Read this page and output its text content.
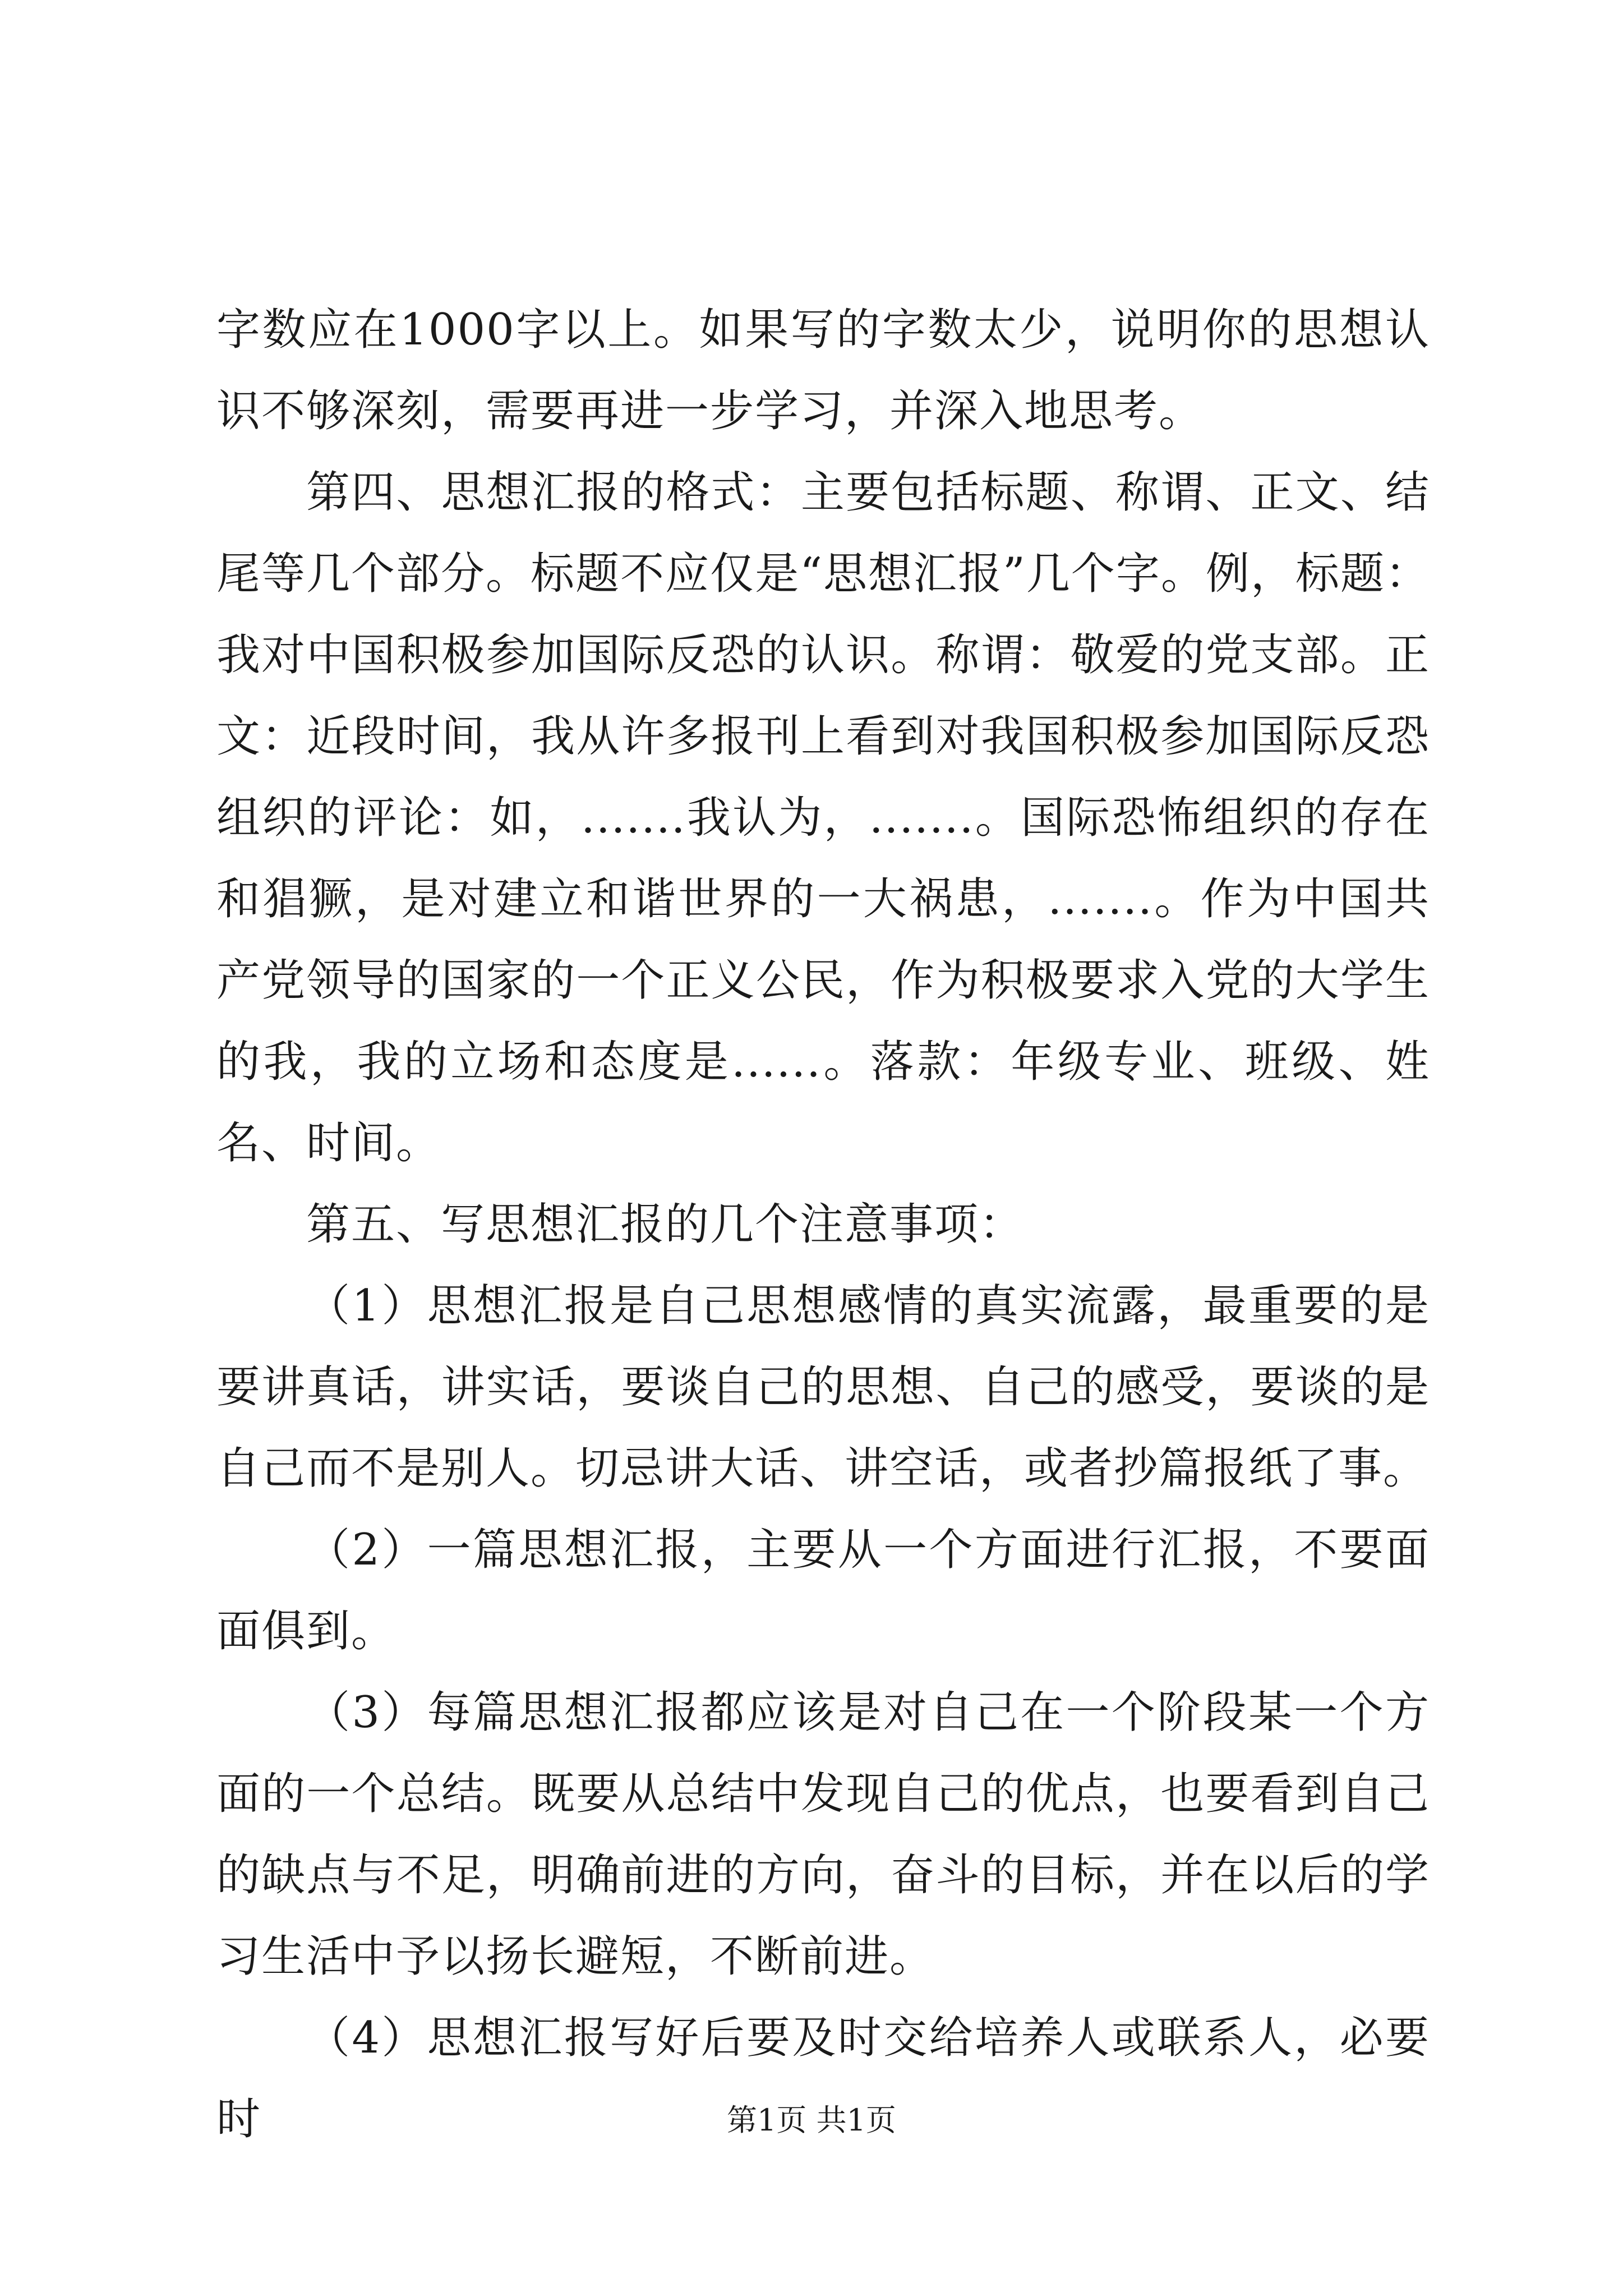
字数应在1000字以上。如果写的字数太少，说明你的思想认识不够深刻，需要再进一步学习，并深入地思考。

第四、思想汇报的格式：主要包括标题、称谓、正文、结尾等几个部分。标题不应仅是“思想汇报”几个字。例，标题：我对中国积极参加国际反恐的认识。称谓：敬爱的党支部。正文：近段时间，我从许多报刊上看到对我国积极参加国际反恐组织的评论：如，.......我认为，.......。国际恐怖组织的存在和猖獗，是对建立和谐世界的一大祸患，.......。作为中国共产党领导的国家的一个正义公民，作为积极要求入党的大学生的我，我的立场和态度是......。落款：年级专业、班级、姓名、时间。

第五、写思想汇报的几个注意事项：

（1）思想汇报是自己思想感情的真实流露，最重要的是要讲真话，讲实话，要谈自己的思想、自己的感受，要谈的是自己而不是别人。切忌讲大话、讲空话，或者抄篇报纸了事。

（2）一篇思想汇报，主要从一个方面进行汇报，不要面面俱到。

（3）每篇思想汇报都应该是对自己在一个阶段某一个方面的一个总结。既要从总结中发现自己的优点，也要看到自己的缺点与不足，明确前进的方向，奋斗的目标，并在以后的学习生活中予以扬长避短，不断前进。

（4）思想汇报写好后要及时交给培养人或联系人，必要时	第1页 共1页
